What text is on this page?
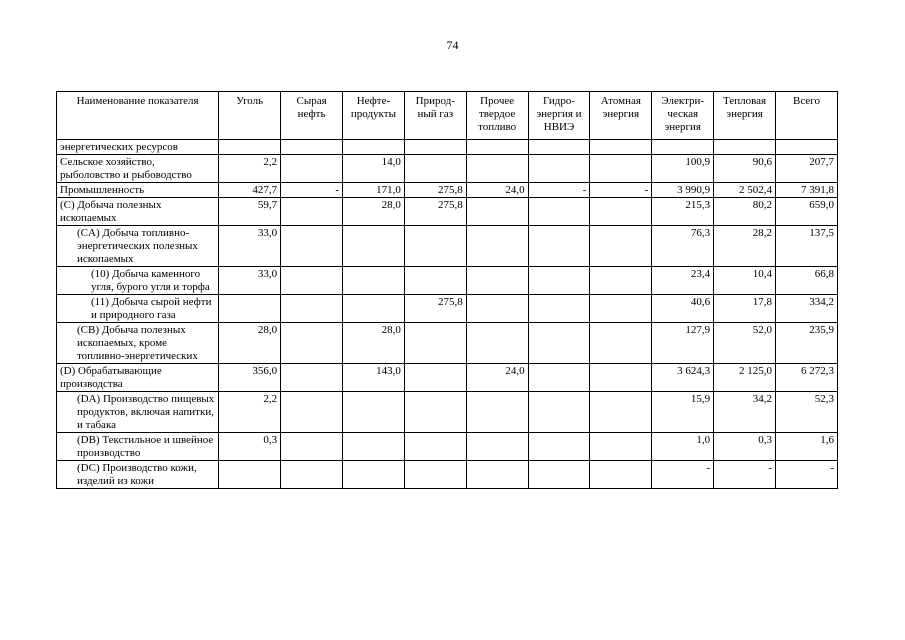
74
Наименование показателя	Уголь	Сырая нефть	Нефте-продукты	Природ-ный газ	Прочее твердое топливо	Гидро-энергия и НВИЭ	Атомная энергия	Электри-ческая энергия	Тепловая энергия	Всего
энергетических ресурсов										
Сельское хозяйство, рыболовство и рыбоводство	2,2		14,0					100,9	90,6	207,7
Промышленность	427,7	-	171,0	275,8	24,0	-	-	3 990,9	2 502,4	7 391,8
(C) Добыча полезных ископаемых	59,7		28,0	275,8				215,3	80,2	659,0
(CA) Добыча топливно-энергетических полезных ископаемых	33,0							76,3	28,2	137,5
(10) Добыча каменного угля, бурого угля и торфа	33,0							23,4	10,4	66,8
(11) Добыча сырой нефти и природного газа				275,8				40,6	17,8	334,2
(CB) Добыча полезных ископаемых, кроме топливно-энергетических	28,0		28,0					127,9	52,0	235,9
(D) Обрабатывающие производства	356,0		143,0		24,0			3 624,3	2 125,0	6 272,3
(DA) Производство пищевых продуктов, включая напитки, и табака	2,2							15,9	34,2	52,3
(DB) Текстильное и швейное производство	0,3							1,0	0,3	1,6
(DC) Производство кожи, изделий из кожи								-	-	-
